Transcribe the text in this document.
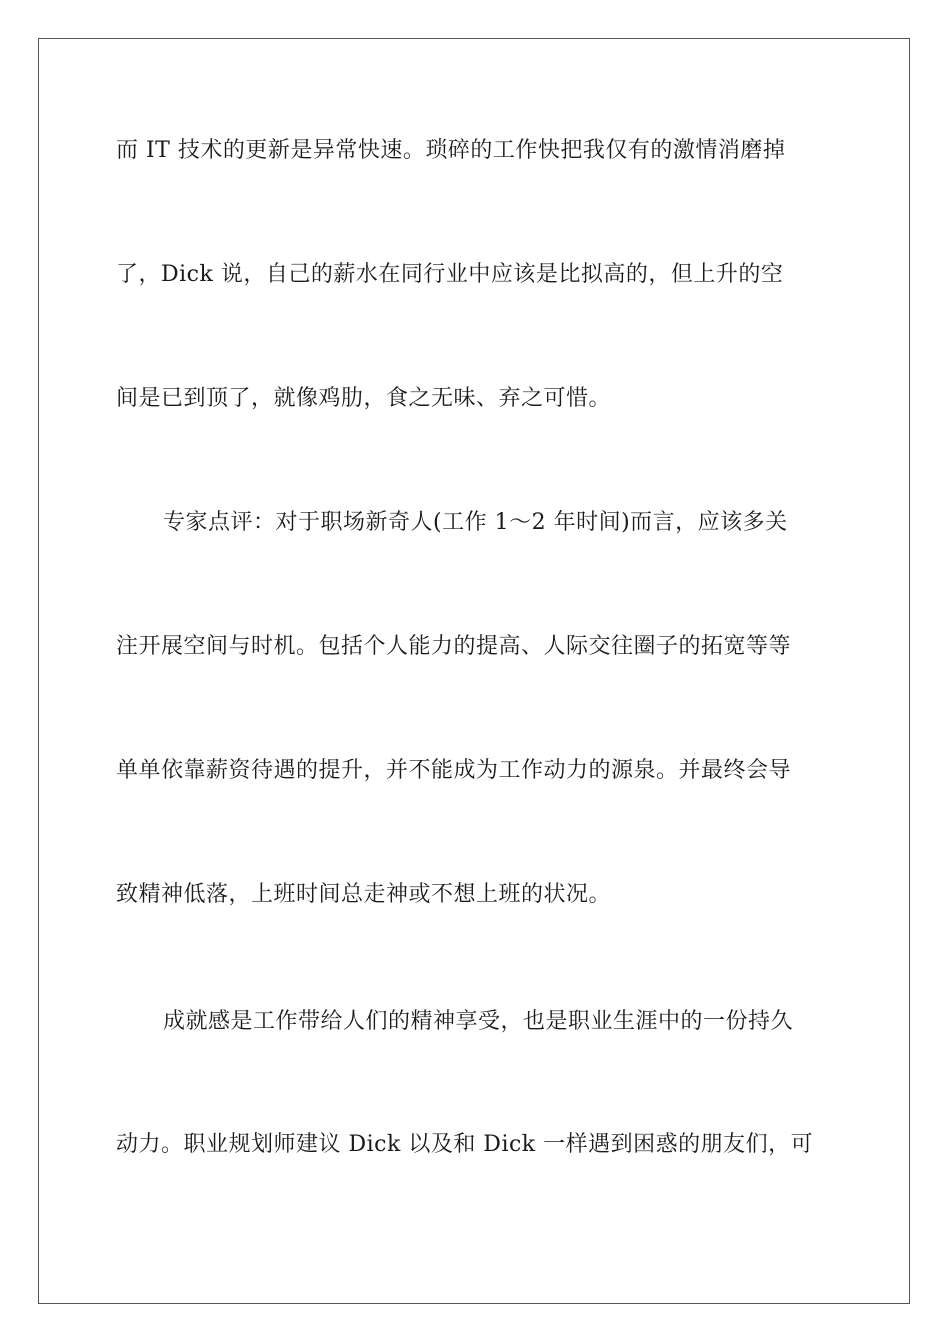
而 IT 技术的更新是异常快速。琐碎的工作快把我仅有的激情消磨掉
了，Dick 说，自己的薪水在同行业中应该是比拟高的，但上升的空
间是已到顶了，就像鸡肋，食之无味、弃之可惜。
专家点评：对于职场新奇人(工作 1～2 年时间)而言，应该多关
注开展空间与时机。包括个人能力的提高、人际交往圈子的拓宽等等
单单依靠薪资待遇的提升，并不能成为工作动力的源泉。并最终会导
致精神低落，上班时间总走神或不想上班的状况。
成就感是工作带给人们的精神享受，也是职业生涯中的一份持久
动力。职业规划师建议 Dick 以及和 Dick 一样遇到困惑的朋友们，可
